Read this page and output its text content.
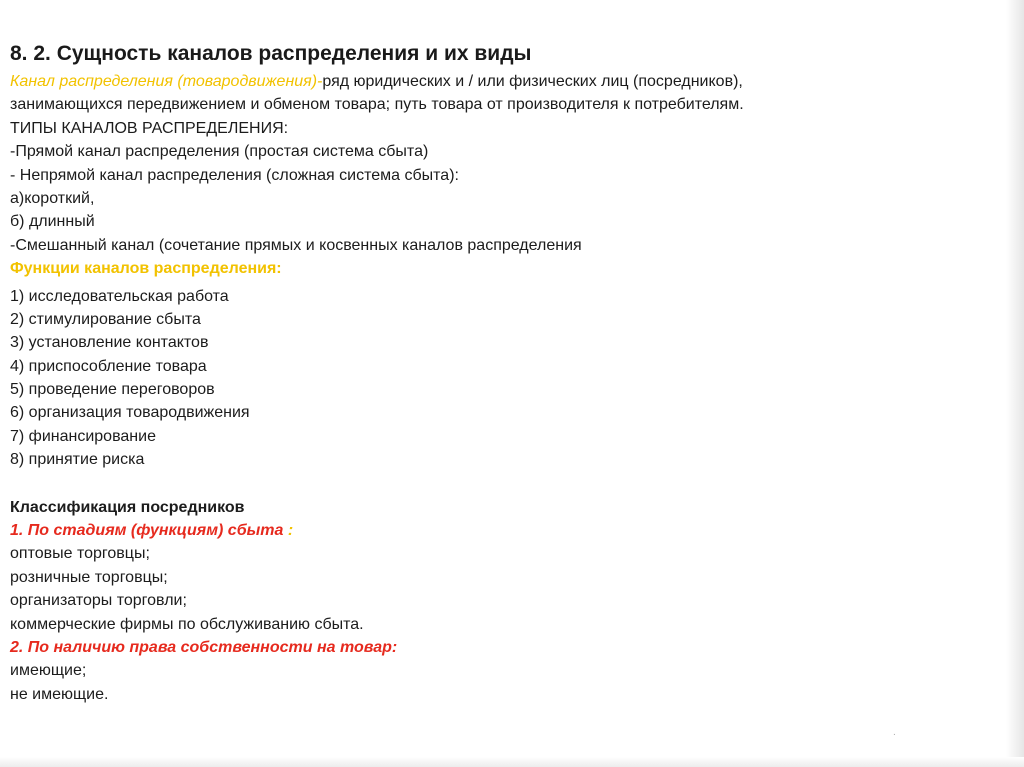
8. 2. Сущность каналов распределения и их виды
Канал распределения (товародвижения)-ряд юридических и / или физических лиц (посредников),
занимающихся передвижением и обменом товара; путь товара от производителя к потребителям.
ТИПЫ КАНАЛОВ РАСПРЕДЕЛЕНИЯ:
-Прямой канал распределения (простая система сбыта)
- Непрямой канал распределения (сложная система сбыта):
а)короткий,
б) длинный
-Смешанный канал (сочетание прямых и косвенных каналов распределения
Функции каналов распределения:
1) исследовательская работа
2) стимулирование сбыта
3) установление контактов
4) приспособление товара
5) проведение переговоров
6) организация товародвижения
7) финансирование
8) принятие риска
Классификация посредников
1. По стадиям (функциям) сбыта :
оптовые торговцы;
розничные торговцы;
организаторы торговли;
коммерческие фирмы по обслуживанию сбыта.
2. По наличию права собственности на товар:
имеющие;
не имеющие.
.
